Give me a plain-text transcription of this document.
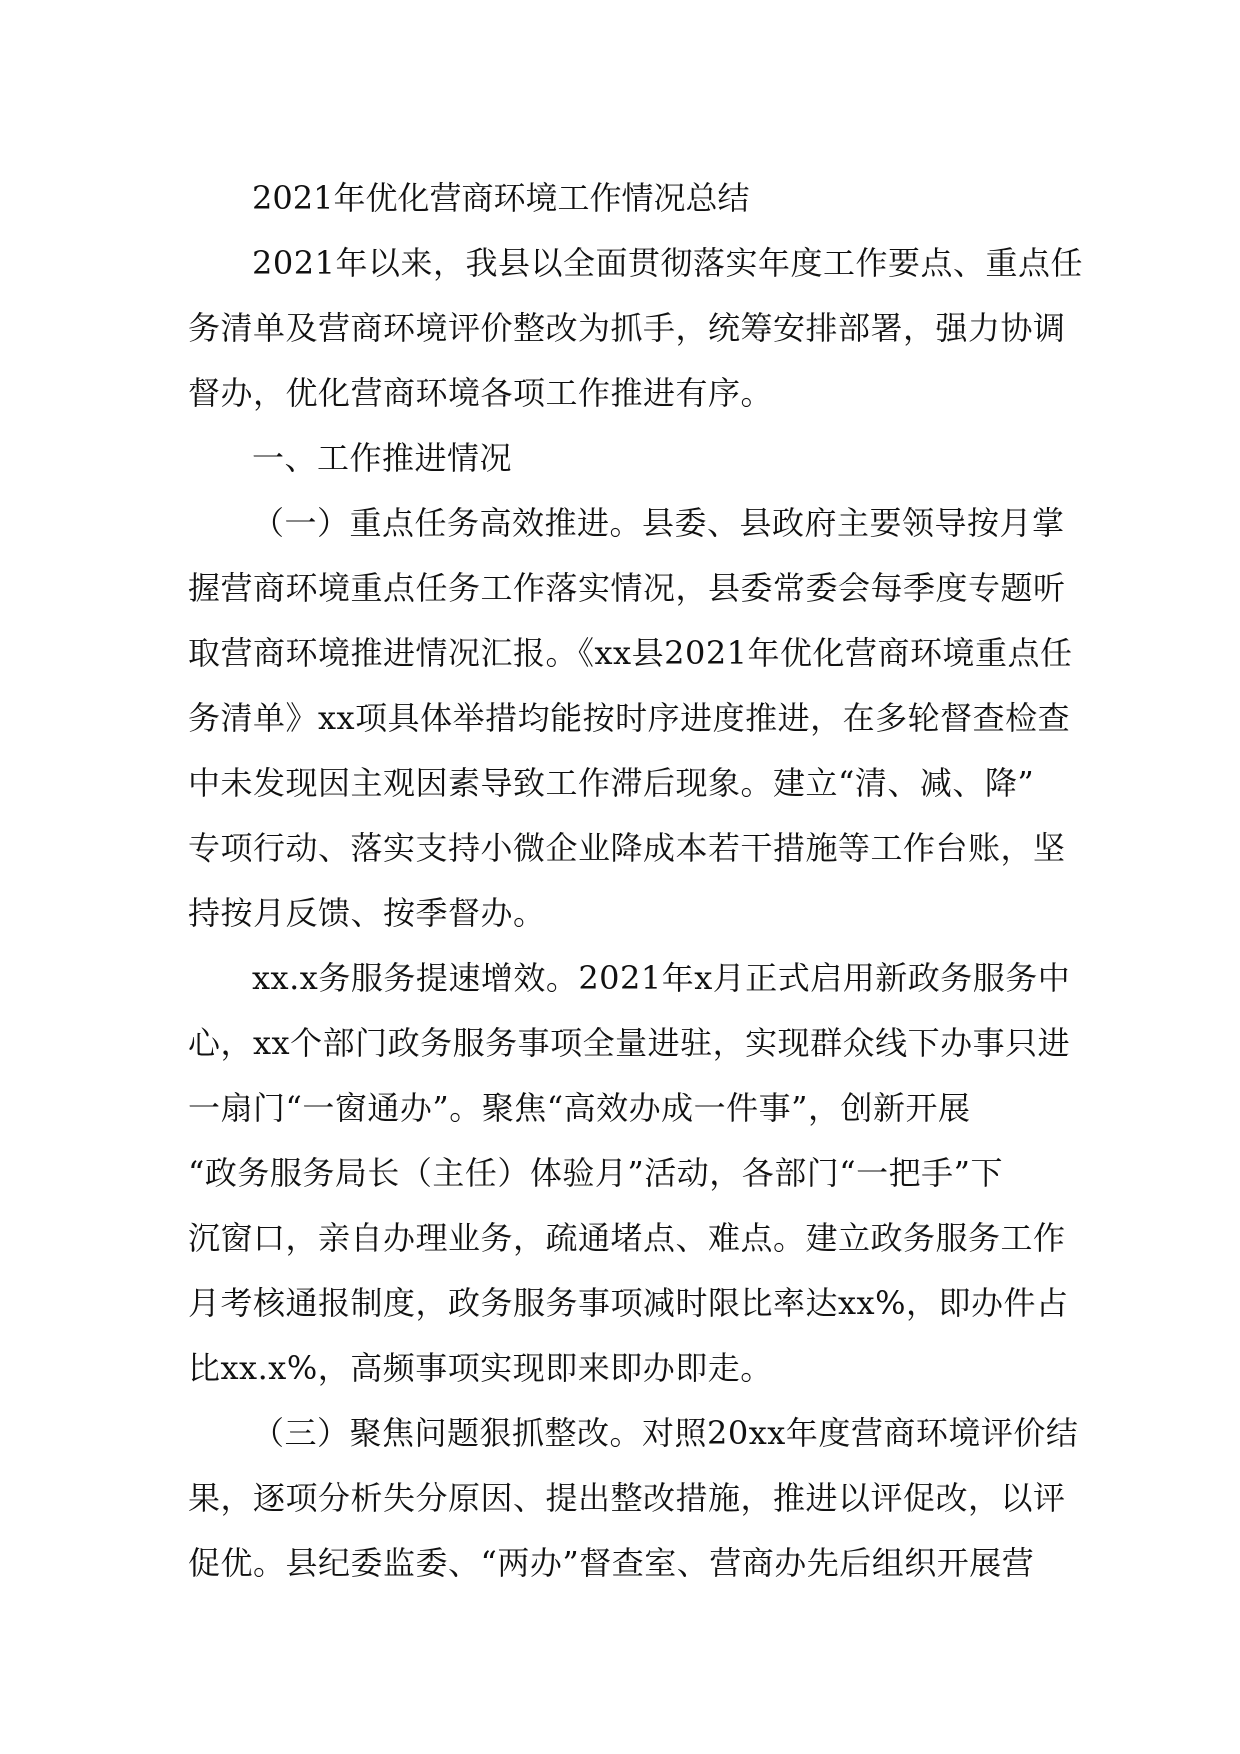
2021年优化营商环境工作情况总结
2021年以来，我县以全面贯彻落实年度工作要点、重点任
务清单及营商环境评价整改为抓手，统筹安排部署，强力协调
督办，优化营商环境各项工作推进有序。
一、工作推进情况
（一）重点任务高效推进。县委、县政府主要领导按月掌
握营商环境重点任务工作落实情况，县委常委会每季度专题听
取营商环境推进情况汇报。《xx县2021年优化营商环境重点任
务清单》xx项具体举措均能按时序进度推进，在多轮督查检查
中未发现因主观因素导致工作滞后现象。建立“清、减、降”
专项行动、落实支持小微企业降成本若干措施等工作台账，坚
持按月反馈、按季督办。
xx.x务服务提速增效。2021年x月正式启用新政务服务中
心，xx个部门政务服务事项全量进驻，实现群众线下办事只进
一扇门“一窗通办”。聚焦“高效办成一件事”，创新开展
“政务服务局长（主任）体验月”活动，各部门“一把手”下
沉窗口，亲自办理业务，疏通堵点、难点。建立政务服务工作
月考核通报制度，政务服务事项减时限比率达xx%，即办件占
比xx.x%，高频事项实现即来即办即走。
（三）聚焦问题狠抓整改。对照20xx年度营商环境评价结
果，逐项分析失分原因、提出整改措施，推进以评促改，以评
促优。县纪委监委、“两办”督查室、营商办先后组织开展营
